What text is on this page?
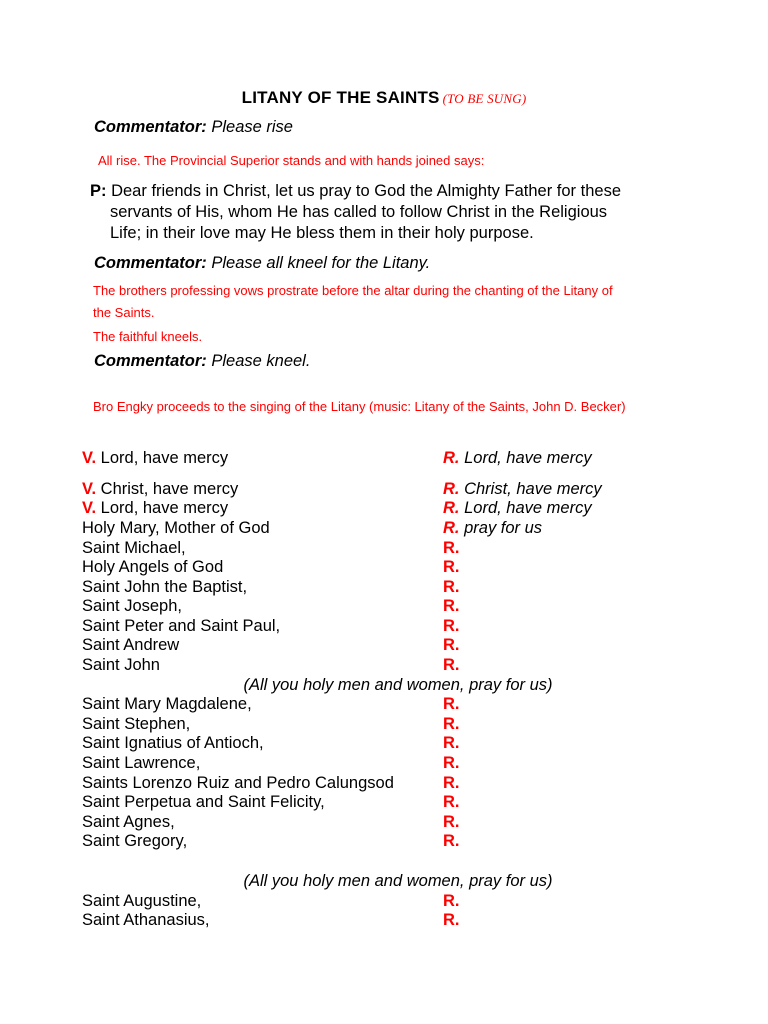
LITANY OF THE SAINTS (TO BE SUNG)
Commentator: Please rise
All rise. The Provincial Superior stands and with hands joined says:
P: Dear friends in Christ, let us pray to God the Almighty Father for these
servants of His, whom He has called to follow Christ in the Religious
Life; in their love may He bless them in their holy purpose.
Commentator: Please all kneel for the Litany.
The brothers professing vows prostrate before the altar during the chanting of the Litany of
the Saints.
The faithful kneels.
Commentator: Please kneel.
Bro Engky proceeds to the singing of the Litany (music: Litany of the Saints, John D. Becker)
V. Lord, have mercy	R. Lord, have mercy
V. Christ, have mercy	R. Christ, have mercy
V. Lord, have mercy	R. Lord, have mercy
Holy Mary, Mother of God	R. pray for us
Saint Michael,	R.
Holy Angels of God	R.
Saint John the Baptist,	R.
Saint Joseph,	R.
Saint Peter and Saint Paul,	R.
Saint Andrew	R.
Saint John	R.
(All you holy men and women, pray for us)
Saint Mary Magdalene,	R.
Saint Stephen,	R.
Saint Ignatius of Antioch,	R.
Saint Lawrence,	R.
Saints Lorenzo Ruiz and Pedro Calungsod	R.
Saint Perpetua and Saint Felicity,	R.
Saint Agnes,	R.
Saint Gregory,	R.
(All you holy men and women, pray for us)
Saint Augustine,	R.
Saint Athanasius,	R.
